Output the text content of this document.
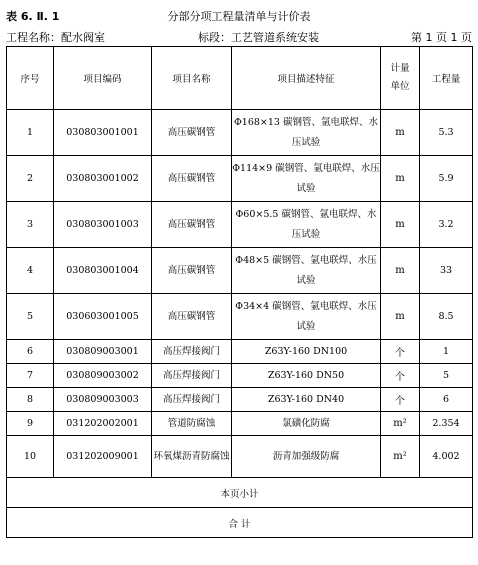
表 6. Ⅱ. 1	分部分项工程量清单与计价表
工程名称：配水阀室	标段：工艺管道系统安装	第 1 页 1 页
序号	项目编码	项目名称	项目描述特征	计量单位	工程量
1	030803001001	高压碳钢管	Φ168×13 碳钢管、氩电联焊、水压试验	m	5.3
2	030803001002	高压碳钢管	Φ114×9 碳钢管、氩电联焊、水压试验	m	5.9
3	030803001003	高压碳钢管	Φ60×5.5 碳钢管、氩电联焊、水压试验	m	3.2
4	030803001004	高压碳钢管	Φ48×5 碳钢管、氩电联焊、水压试验	m	33
5	030603001005	高压碳钢管	Φ34×4 碳钢管、氩电联焊、水压试验	m	8.5
6	030809003001	高压焊接阀门	Z63Y-160 DN100	个	1
7	030809003002	高压焊接阀门	Z63Y-160 DN50	个	5
8	030809003003	高压焊接阀门	Z63Y-160 DN40	个	6
9	031202002001	管道防腐蚀	氯磺化防腐	m²	2.354
10	031202009001	环氧煤沥青防腐蚀	沥青加强级防腐	m²	4.002
本页小计					
合 计					
